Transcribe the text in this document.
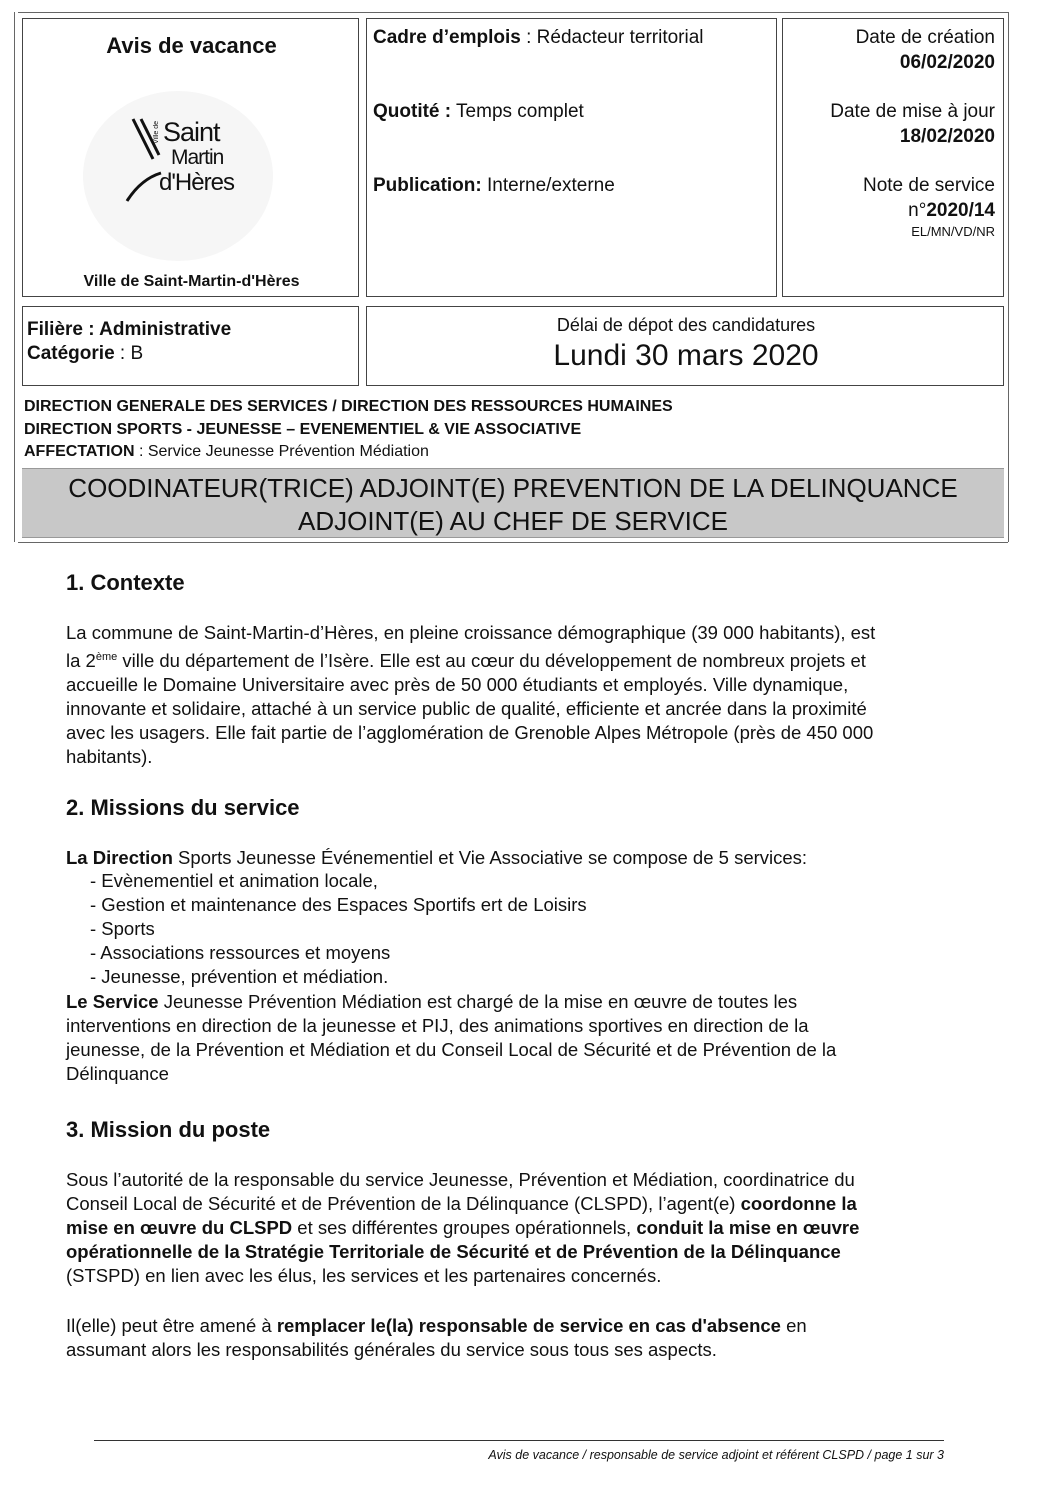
Avis de vacance
Ville de Saint
Martin
d'Hères
Ville de Saint-Martin-d'Hères
Cadre d’emplois : Rédacteur territorial
Quotité : Temps complet
Publication: Interne/externe
Date de création
06/02/2020
Date de mise à jour
18/02/2020
Note de service
n°2020/14
EL/MN/VD/NR
Filière : Administrative
Catégorie : B
Délai de dépot des candidatures
Lundi 30 mars 2020
DIRECTION GENERALE DES SERVICES / DIRECTION DES RESSOURCES HUMAINES
DIRECTION SPORTS - JEUNESSE – EVENEMENTIEL & VIE ASSOCIATIVE
AFFECTATION : Service Jeunesse Prévention Médiation
COODINATEUR(TRICE) ADJOINT(E) PREVENTION DE LA DELINQUANCE
ADJOINT(E) AU CHEF DE SERVICE
1. Contexte
La commune de Saint-Martin-d’Hères, en pleine croissance démographique (39 000 habitants), est
la 2ème ville du département de l’Isère. Elle est au cœur du développement de nombreux projets et
accueille le Domaine Universitaire avec près de 50 000 étudiants et employés. Ville dynamique,
innovante et solidaire, attaché à un service public de qualité, efficiente et ancrée dans la proximité
avec les usagers. Elle fait partie de l’agglomération de Grenoble Alpes Métropole (près de 450 000
habitants).
2. Missions du service
La Direction Sports Jeunesse Événementiel et Vie Associative se compose de 5 services:
- Evènementiel et animation locale,
- Gestion et maintenance des Espaces Sportifs ert de Loisirs
- Sports
- Associations ressources et moyens
- Jeunesse, prévention et médiation.
Le Service Jeunesse Prévention Médiation est chargé de la mise en œuvre de toutes les
interventions en direction de la jeunesse et PIJ, des animations sportives en direction de la
jeunesse, de la Prévention et Médiation et du Conseil Local de Sécurité et de Prévention de la
Délinquance
3. Mission du poste
Sous l’autorité de la responsable du service Jeunesse, Prévention et Médiation, coordinatrice du
Conseil Local de Sécurité et de Prévention de la Délinquance (CLSPD), l’agent(e) coordonne la
mise en œuvre du CLSPD et ses différentes groupes opérationnels, conduit la mise en œuvre
opérationnelle de la Stratégie Territoriale de Sécurité et de Prévention de la Délinquance
(STSPD) en lien avec les élus, les services et les partenaires concernés.
Il(elle) peut être amené à remplacer le(la) responsable de service en cas d'absence en
assumant alors les responsabilités générales du service sous tous ses aspects.
Avis de vacance / responsable de service adjoint et référent CLSPD / page 1 sur 3
